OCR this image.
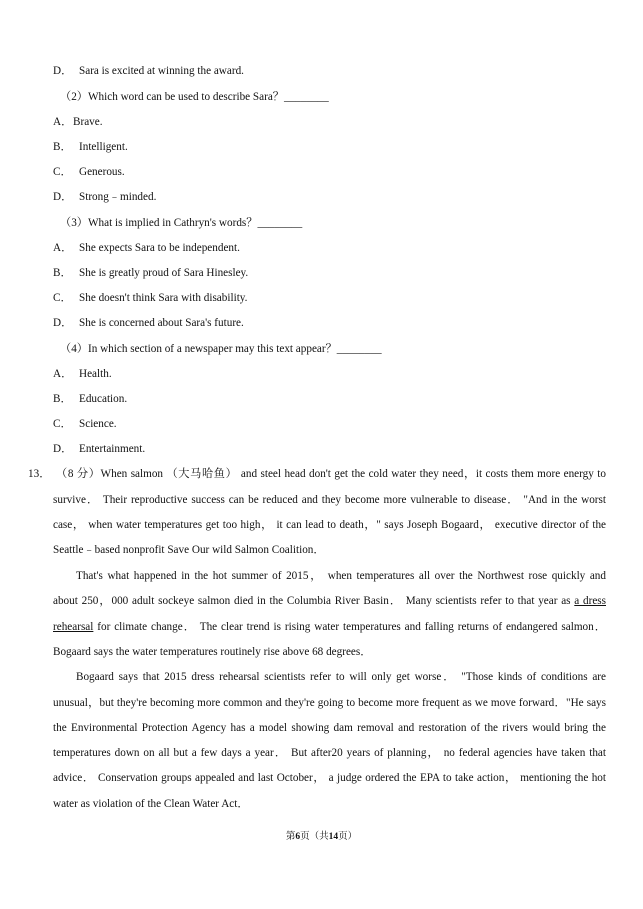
D． Sara is excited at winning the award.
（2）Which word can be used to describe Sara？________
A．Brave.
B． Intelligent.
C． Generous.
D． Strong﹣minded.
（3）What is implied in Cathryn's words？________
A． She expects Sara to be independent.
B． She is greatly proud of Sara Hinesley.
C． She doesn't think Sara with disability.
D． She is concerned about Sara's future.
（4）In which section of a newspaper may this text appear？________
A． Health.
B． Education.
C． Science.
D． Entertainment.
13． （8 分）When salmon （大马哈鱼） and steel head don't get the cold water they need，it costs them more energy to
survive． Their reproductive success can be reduced and they become more vulnerable to disease． "And in the worst
case， when water temperatures get too high， it can lead to death，" says Joseph Bogaard， executive director of the
Seattle﹣based nonprofit Save Our wild Salmon Coalition．
That's what happened in the hot summer of 2015， when temperatures all over the Northwest rose quickly and
about 250，000 adult sockeye salmon died in the Columbia River Basin． Many scientists refer to that year as a dress
rehearsal for climate change． The clear trend is rising water temperatures and falling returns of endangered salmon．
Bogaard says the water temperatures routinely rise above 68 degrees．
Bogaard says that 2015 dress rehearsal scientists refer to will only get worse． "Those kinds of conditions are
unusual，but they're becoming more common and they're going to become more frequent as we move forward．"He says
the Environmental Protection Agency has a model showing dam removal and restoration of the rivers would bring the
temperatures down on all but a few days a year． But after20 years of planning， no federal agencies have taken that
advice． Conservation groups appealed and last October， a judge ordered the EPA to take action， mentioning the hot
water as violation of the Clean Water Act．
第6页（共14页）
